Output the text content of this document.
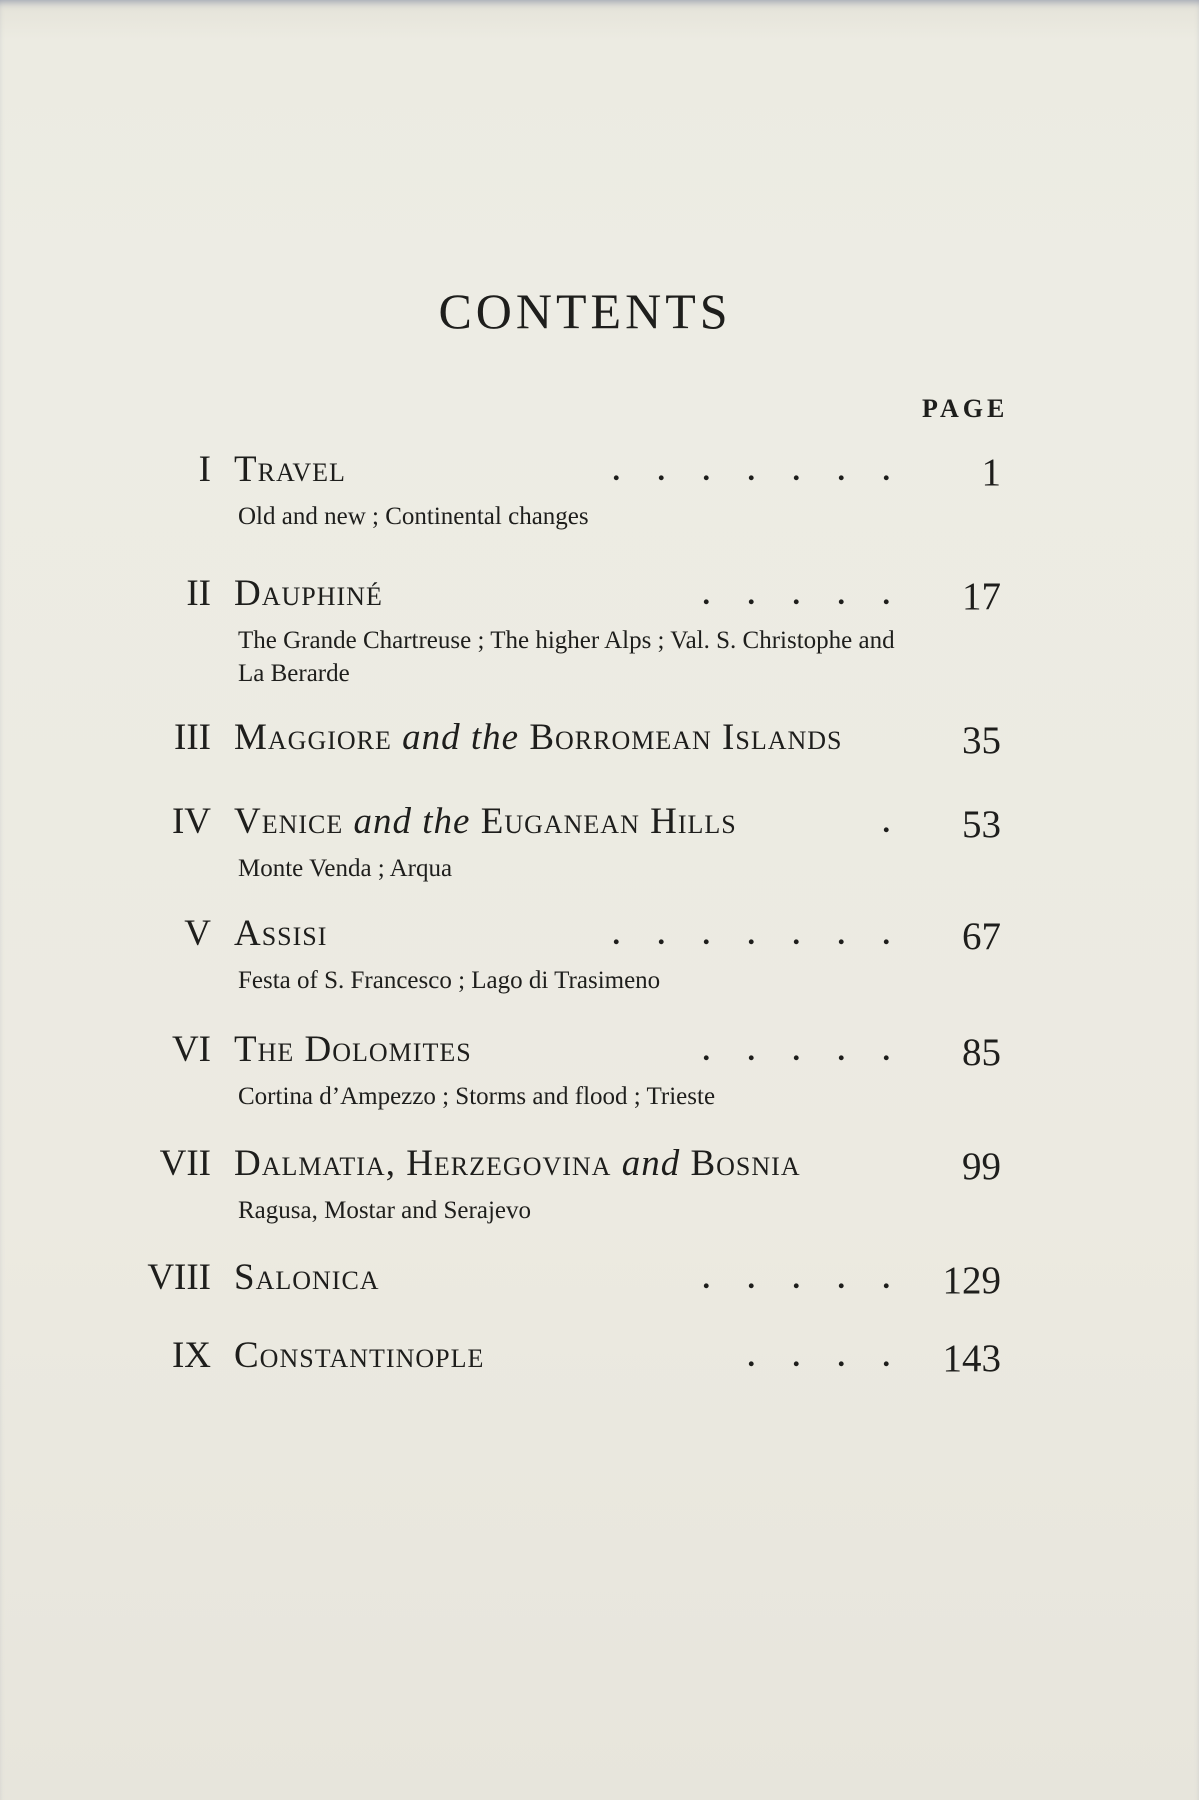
CONTENTS
PAGE
I Travel	.     .     .     .     .     .     . 1
Old and new ; Continental changes
II Dauphiné	.     .     .     .     . 17
The Grande Chartreuse ; The higher Alps ; Val. S. Christophe and La Berarde
III Maggiore and the Borromean Islands	35
IV Venice and the Euganean Hills	. 53
Monte Venda ; Arqua
V Assisi	.     .     .     .     .     .     . 67
Festa of S. Francesco ; Lago di Trasimeno
VI The Dolomites	.     .     .     .     . 85
Cortina d’Ampezzo ; Storms and flood ; Trieste
VII Dalmatia, Herzegovina and Bosnia	99
Ragusa, Mostar and Serajevo
VIII Salonica	.     .     .     .     . 129
IX Constantinople	.     .     .     . 143
